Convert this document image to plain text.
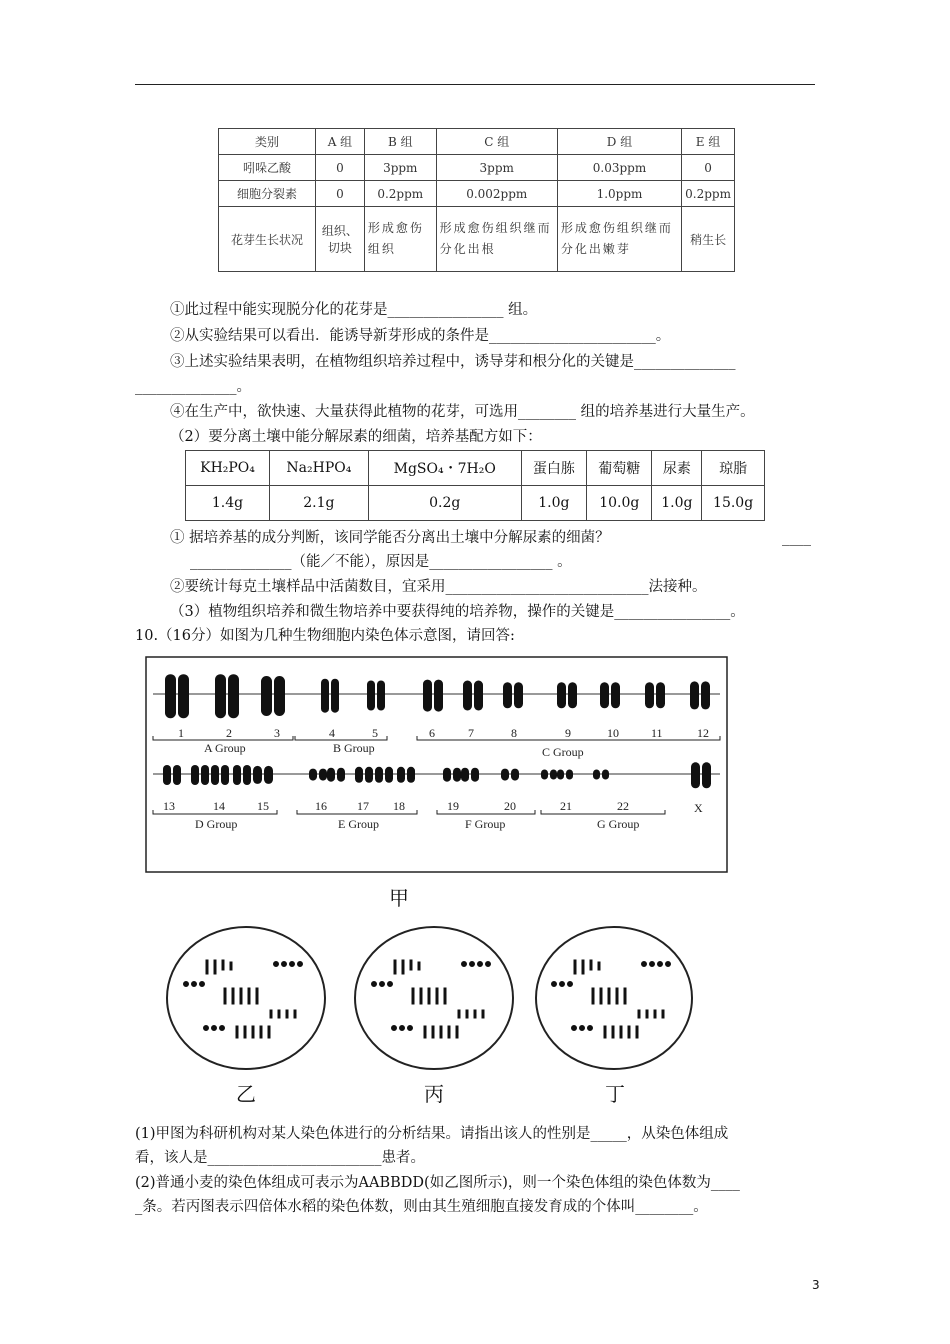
类别	A 组	B 组	C 组	D 组	E 组
吲哚乙酸	0	3ppm	3ppm	0.03ppm	0
细胞分裂素	0	0.2ppm	0.002ppm	1.0ppm	0.2ppm
花芽生长状况	组织、切块	形成愈伤组织	形成愈伤组织继而分化出根	形成愈伤组织继而分化出嫩芽	稍生长
①此过程中能实现脱分化的花芽是________________ 组。
②从实验结果可以看出．能诱导新芽形成的条件是_______________________。
③上述实验结果表明，在植物组织培养过程中，诱导芽和根分化的关键是______________
______________。
④在生产中，欲快速、大量获得此植物的花芽，可选用________ 组的培养基进行大量生产。
（2）要分离土壤中能分解尿素的细菌，培养基配方如下：
KH₂PO₄	Na₂HPO₄	MgSO₄・7H₂O	蛋白胨	葡萄糖	尿素	琼脂
1.4g	2.1g	0.2g	1.0g	10.0g	1.0g	15.0g
① 据培养基的成分判断，该同学能否分离出土壤中分解尿素的细菌？	____
______________（能／不能），原因是_________________ 。
②要统计每克土壤样品中活菌数目，宜采用____________________________法接种。
（3）植物组织培养和微生物培养中要获得纯的培养物，操作的关键是________________。
10.（16分）如图为几种生物细胞内染色体示意图，请回答:
1	2	3	4	5	6	7	8	9	10	11	12
A Group	B Group	C Group
13	14	15	16	17 18	19	20	21	22	X
D Group	E Group	F Group	G Group
甲
乙	丙	丁
(1)甲图为科研机构对某人染色体进行的分析结果。请指出该人的性别是_____，从染色体组成
看，该人是________________________患者。
(2)普通小麦的染色体组成可表示为AABBDD(如乙图所示)，则一个染色体组的染色体数为____
_条。若丙图表示四倍体水稻的染色体数，则由其生殖细胞直接发育成的个体叫________。
3
